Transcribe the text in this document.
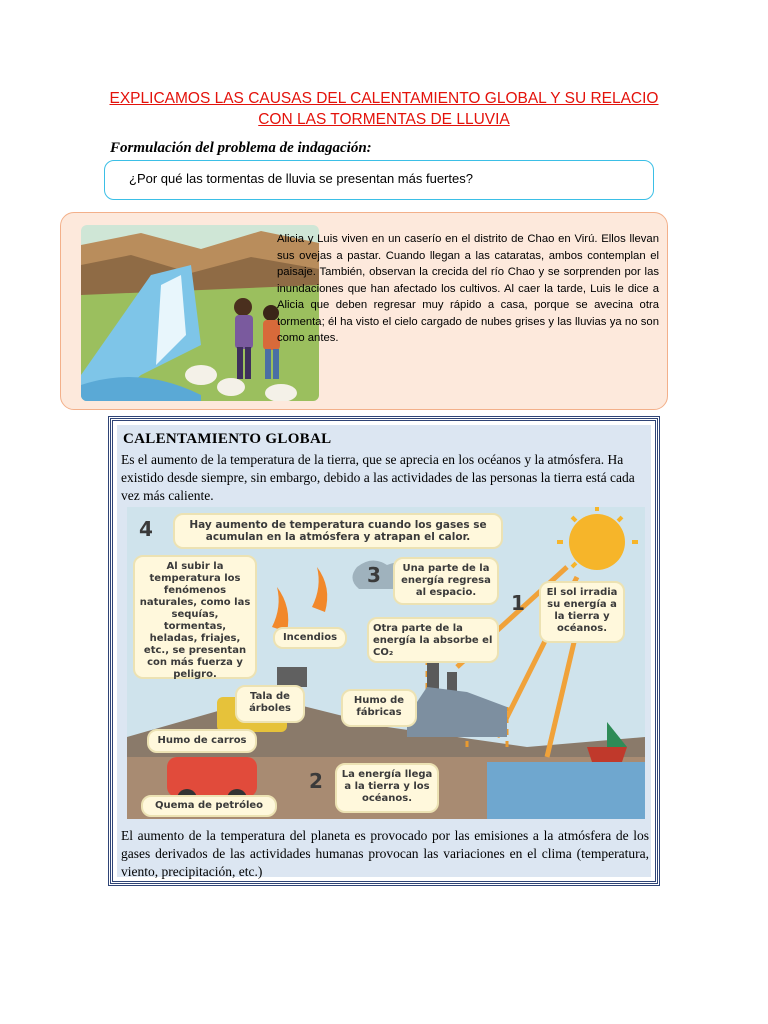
EXPLICAMOS LAS CAUSAS DEL CALENTAMIENTO GLOBAL Y SU RELACIO
CON LAS TORMENTAS DE LLUVIA
Formulación del problema de indagación:
¿Por qué las tormentas de lluvia se presentan más fuertes?
Alicia y Luis viven en un caserío en el distrito de Chao en Virú. Ellos llevan sus ovejas a pastar. Cuando llegan a las cataratas, ambos contemplan el paisaje. También, observan la crecida del río Chao y se sorprenden por las inundaciones que han afectado los cultivos. Al caer la tarde, Luis le dice a Alicia que deben regresar muy rápido a casa, porque se avecina otra tormenta; él ha visto el cielo cargado de nubes grises y las lluvias ya no son como antes.
CALENTAMIENTO GLOBAL
Es el aumento de la temperatura de la tierra, que se aprecia en los océanos y la atmósfera. Ha existido desde siempre, sin embargo, debido a las actividades de las personas la tierra está cada vez más caliente.
4	Hay aumento de temperatura cuando los gases se acumulan en la atmósfera y atrapan el calor.
Al subir la temperatura los fenómenos naturales, como las sequías, tormentas, heladas, friajes, etc., se presentan con más fuerza y peligro.
3	Una parte de la energía regresa al espacio.	1	El sol irradia su energía a la tierra y océanos.
Otra parte de la energía la absorbe el CO₂
Incendios
Tala de árboles
Humo de fábricas
Humo de carros
2	La energía llega a la tierra y los océanos.
Quema de petróleo
El aumento de la temperatura del planeta es provocado por las emisiones a la atmósfera de los gases derivados de las actividades humanas provocan las variaciones en el clima (temperatura, viento, precipitación, etc.)
